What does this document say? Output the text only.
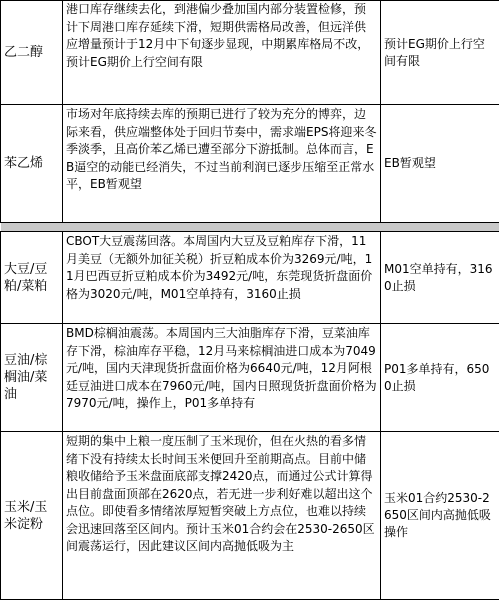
乙二醇	港口库存继续去化，到港偏少叠加国内部分装置检修，预计下周港口库存延续下滑，短期供需格局改善，但远洋供应增量预计于12月中下旬逐步显现，中期累库格局不改，预计EG期价上行空间有限	预计EG期价上行空间有限
苯乙烯	市场对年底持续去库的预期已进行了较为充分的博弈，边际来看，供应端整体处于回归节奏中，需求端EPS将迎来冬季淡季，且高价苯乙烯已遭至部分下游抵制。总体而言，EB逼空的动能已经消失，不过当前利润已逐步压缩至正常水平，EB暂观望	EB暂观望

大豆/豆粕/菜粕	CBOT大豆震荡回落。本周国内大豆及豆粕库存下滑，11月美豆（无额外加征关税）折豆粕成本价为3269元/吨，11月巴西豆折豆粕成本价为3492元/吨，东莞现货折盘面价格为3020元/吨，M01空单持有，3160止损	M01空单持有，3160止损
豆油/棕榈油/菜油	BMD棕榈油震荡。本周国内三大油脂库存下滑，豆菜油库存下滑，棕油库存平稳，12月马来棕榈油进口成本为7049元/吨，国内天津现货折盘面价格为6640元/吨，12月阿根廷豆油进口成本在7960元/吨，国内日照现货折盘面价格为7970元/吨，操作上，P01多单持有	P01多单持有，6500止损
玉米/玉米淀粉	短期的集中上粮一度压制了玉米现价，但在火热的看多情绪下没有持续太长时间玉米便回升至前期高点。目前中储粮收储给予玉米盘面底部支撑2420点，而通过公式计算得出目前盘面顶部在2620点，若无进一步利好难以超出这个点位。即使看多情绪浓厚短暂突破上方点位，也难以持续会迅速回落至区间内。预计玉米01合约会在2530-2650区间震荡运行，因此建议区间内高抛低吸为主	玉米01合约2530-2650区间内高抛低吸操作
